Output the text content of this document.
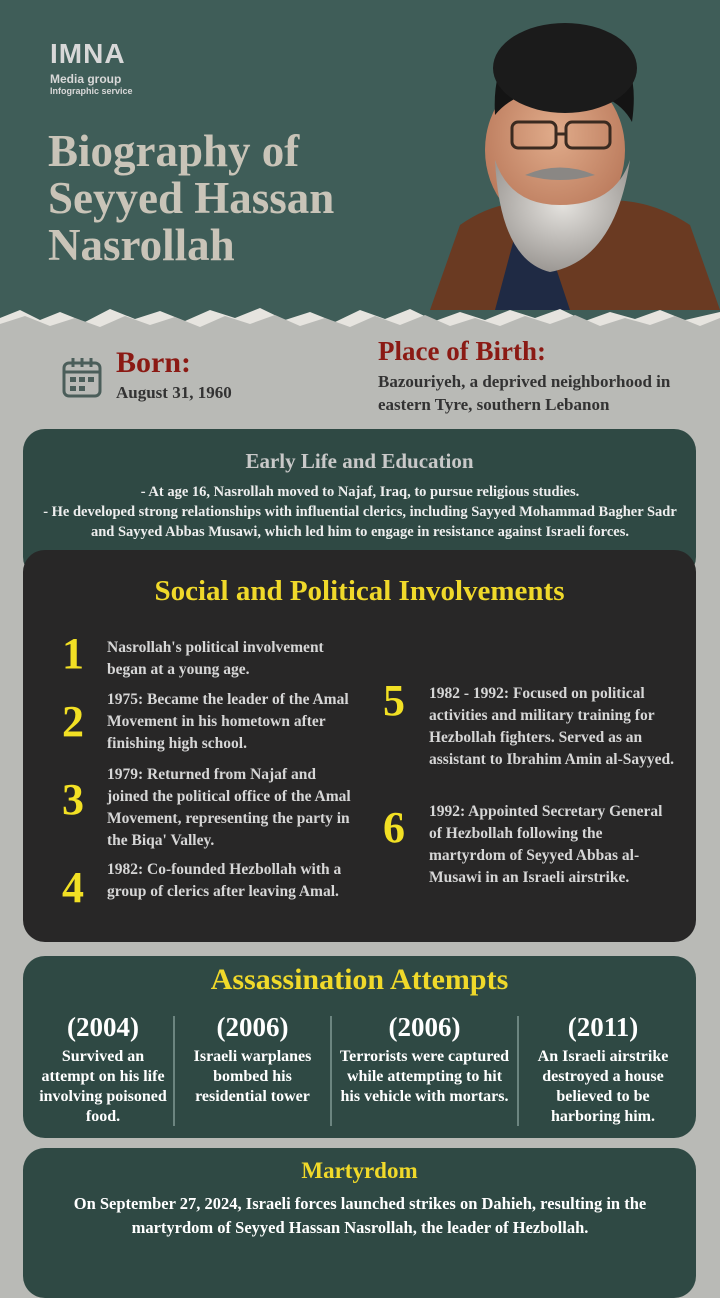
IMNA
Media group
Infographic service
Biography of
Seyyed Hassan
Nasrollah
Born:
August 31, 1960
Place of Birth:
Bazouriyeh, a deprived neighborhood in eastern Tyre, southern Lebanon
Early Life and Education
- At age 16, Nasrollah moved to Najaf, Iraq, to pursue religious studies.
- He developed strong relationships with influential clerics, including Sayyed Mohammad Bagher Sadr and Sayyed Abbas Musawi, which led him to engage in resistance against Israeli forces.
Social and Political Involvements
1 Nasrollah's political involvement began at a young age.
2 1975: Became the leader of the Amal Movement in his hometown after finishing high school.
3
1979: Returned from Najaf and joined the political office of the Amal Movement, representing the party in the Biqa' Valley.
4 1982: Co-founded Hezbollah with a group of clerics after leaving Amal.
5 1982 - 1992: Focused on political activities and military training for Hezbollah fighters. Served as an assistant to Ibrahim Amin al-Sayyed.
6 1992: Appointed Secretary General of Hezbollah following the martyrdom of Seyyed Abbas al-Musawi in an Israeli airstrike.
Assassination Attempts
(2004)
Survived an attempt on his life involving poisoned food.
(2006)
Israeli warplanes bombed his residential tower
(2006)
Terrorists were captured while attempting to hit his vehicle with mortars.
(2011)
An Israeli airstrike destroyed a house believed to be harboring him.
Martyrdom
On September 27, 2024, Israeli forces launched strikes on Dahieh, resulting in the martyrdom of Seyyed Hassan Nasrollah, the leader of Hezbollah.
